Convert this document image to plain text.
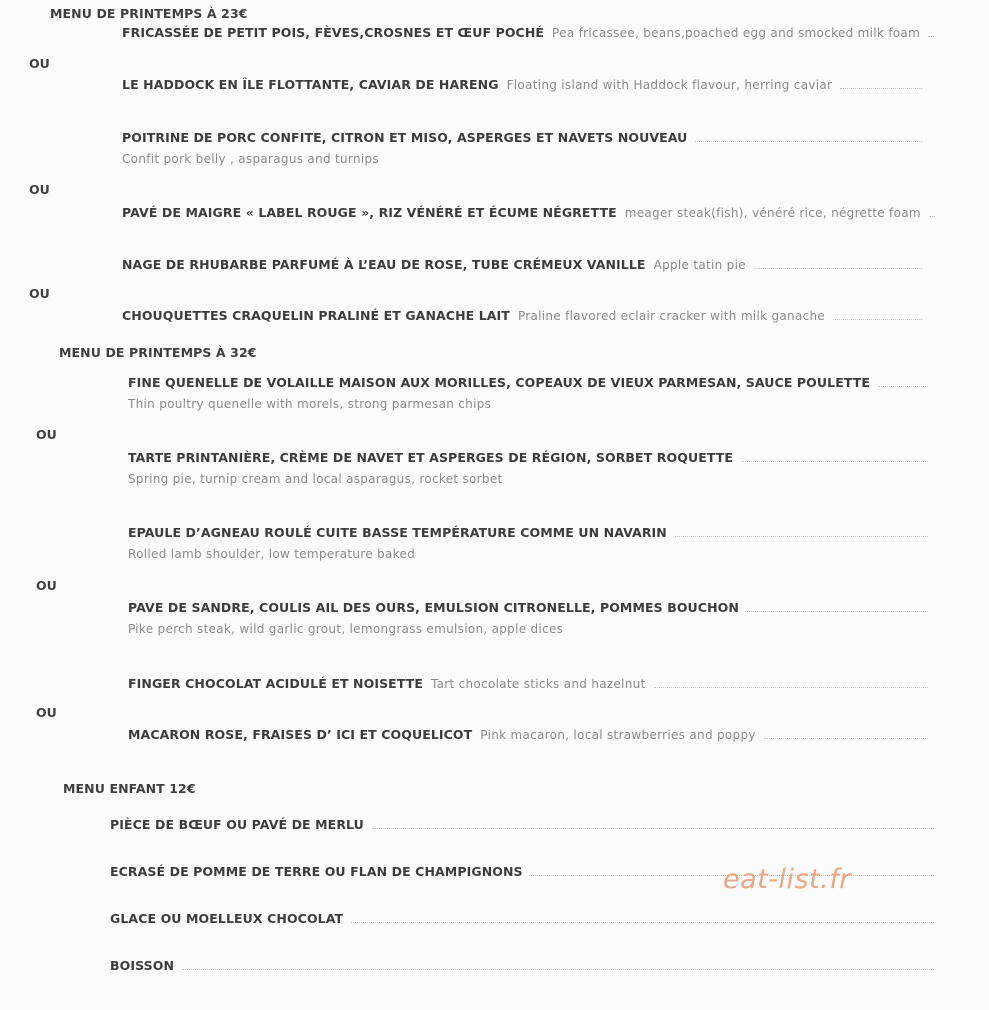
MENU DE PRINTEMPS À 23€
FRICASSÉE DE PETIT POIS, FÈVES,CROSNES ET ŒUF POCHÉ Pea fricassee, beans,poached egg and smocked milk foam
OU
LE HADDOCK EN ÎLE FLOTTANTE, CAVIAR DE HARENG Floating island with Haddock flavour, herring caviar
POITRINE DE PORC CONFITE, CITRON ET MISO, ASPERGES ET NAVETS NOUVEAU
Confit pork belly , asparagus and turnips
OU
PAVÉ DE MAIGRE « LABEL ROUGE », RIZ VÉNÉRÉ ET ÉCUME NÉGRETTE meager steak(fish), vénéré rice, négrette foam
NAGE DE RHUBARBE PARFUMÉ À L’EAU DE ROSE, TUBE CRÉMEUX VANILLE Apple tatin pie
OU
CHOUQUETTES CRAQUELIN PRALINÉ ET GANACHE LAIT Praline flavored eclair cracker with milk ganache
MENU DE PRINTEMPS À 32€
FINE QUENELLE DE VOLAILLE MAISON AUX MORILLES, COPEAUX DE VIEUX PARMESAN, SAUCE POULETTE
Thin poultry quenelle with morels, strong parmesan chips
OU
TARTE PRINTANIÈRE, CRÈME DE NAVET ET ASPERGES DE RÉGION, SORBET ROQUETTE
Spring pie, turnip cream and local asparagus, rocket sorbet
EPAULE D’AGNEAU ROULÉ CUITE BASSE TEMPÉRATURE COMME UN NAVARIN
Rolled lamb shoulder, low temperature baked
OU
PAVE DE SANDRE, COULIS AIL DES OURS, EMULSION CITRONELLE, POMMES BOUCHON
Pike perch steak, wild garlic grout, lemongrass emulsion, apple dices
FINGER CHOCOLAT ACIDULÉ ET NOISETTE Tart chocolate sticks and hazelnut
OU
MACARON ROSE, FRAISES D’ ICI ET COQUELICOT Pink macaron, local strawberries and poppy
MENU ENFANT 12€
PIÈCE DE BŒUF OU PAVÉ DE MERLU
ECRASÉ DE POMME DE TERRE OU FLAN DE CHAMPIGNONS
GLACE OU MOELLEUX CHOCOLAT
BOISSON
eat-list.fr
